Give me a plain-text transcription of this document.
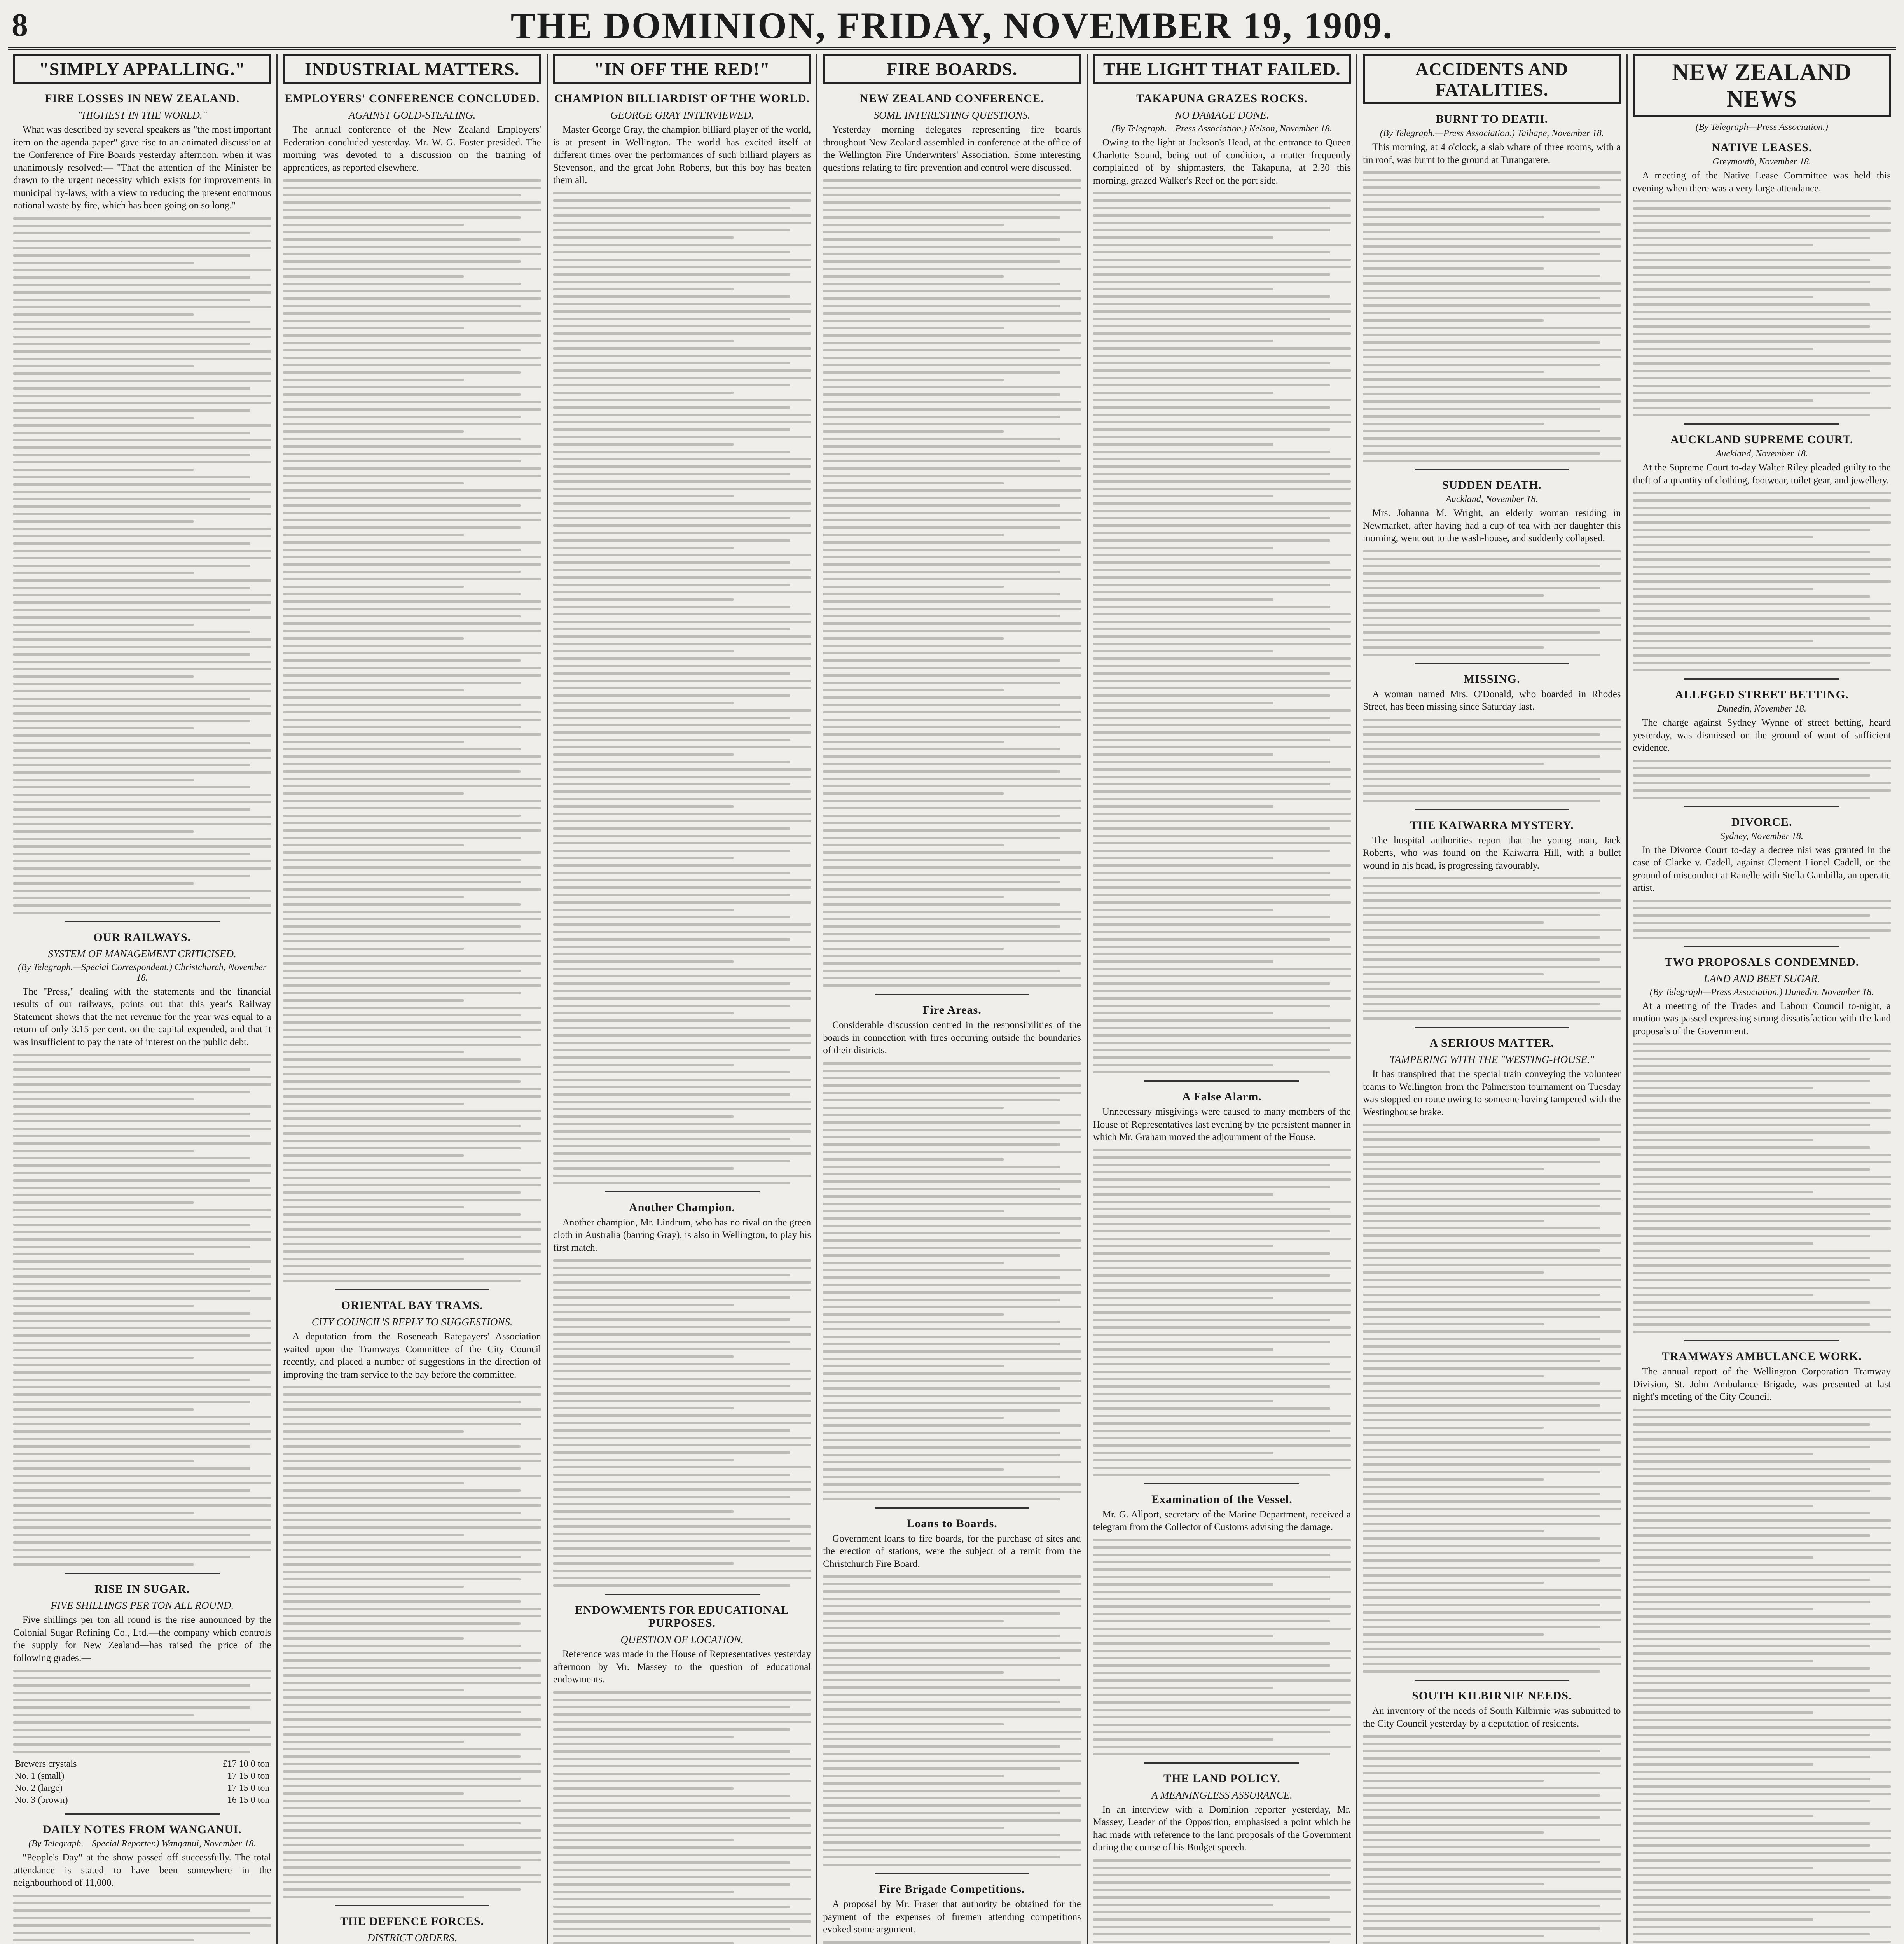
8	THE DOMINION, FRIDAY, NOVEMBER 19, 1909.
"SIMPLY APPALLING."
FIRE LOSSES IN NEW ZEALAND.
"HIGHEST IN THE WORLD."

What was described by several speakers as "the most important item on the agenda paper" gave rise to an animated discussion at the Conference of Fire Boards yesterday afternoon, when it was unanimously resolved:— "That the attention of the Minister be drawn to the urgent necessity which exists for improvements in municipal by-laws, with a view to reducing the present enormous national waste by fire, which has been going on so long."

OUR RAILWAYS.
SYSTEM OF MANAGEMENT CRITICISED.
(By Telegraph.—Special Correspondent.) Christchurch, November 18.

The "Press," dealing with the statements and the financial results of our railways, points out that this year's Railway Statement shows that the net revenue for the year was equal to a return of only 3.15 per cent. on the capital expended, and that it was insufficient to pay the rate of interest on the public debt.

RISE IN SUGAR.
FIVE SHILLINGS PER TON ALL ROUND.

Five shillings per ton all round is the rise announced by the Colonial Sugar Refining Co., Ltd.—the company which controls the supply for New Zealand—has raised the price of the following grades:—

Brewers crystals	£17 10 0 ton
No. 1 (small)	17 15 0 ton
No. 2 (large)	17 15 0 ton
No. 3 (brown)	16 15 0 ton
DAILY NOTES FROM WANGANUI.
(By Telegraph.—Special Reporter.) Wanganui, November 18.

"People's Day" at the show passed off successfully. The total attendance is stated to have been somewhere in the neighbourhood of 11,000.

INDUSTRIAL MATTERS.
EMPLOYERS' CONFERENCE CONCLUDED.
AGAINST GOLD-STEALING.

The annual conference of the New Zealand Employers' Federation concluded yesterday. Mr. W. G. Foster presided. The morning was devoted to a discussion on the training of apprentices, as reported elsewhere.

ORIENTAL BAY TRAMS.
CITY COUNCIL'S REPLY TO SUGGESTIONS.

A deputation from the Roseneath Ratepayers' Association waited upon the Tramways Committee of the City Council recently, and placed a number of suggestions in the direction of improving the tram service to the bay before the committee.

THE DEFENCE FORCES.
DISTRICT ORDERS.

"IN OFF THE RED!"
CHAMPION BILLIARDIST OF THE WORLD.
GEORGE GRAY INTERVIEWED.

Master George Gray, the champion billiard player of the world, is at present in Wellington. The world has excited itself at different times over the performances of such billiard players as Stevenson, and the great John Roberts, but this boy has beaten them all.

Another Champion.

Another champion, Mr. Lindrum, who has no rival on the green cloth in Australia (barring Gray), is also in Wellington, to play his first match.

ENDOWMENTS FOR EDUCATIONAL PURPOSES.
QUESTION OF LOCATION.

Reference was made in the House of Representatives yesterday afternoon by Mr. Massey to the question of educational endowments.

FIRE BOARDS.
NEW ZEALAND CONFERENCE.
SOME INTERESTING QUESTIONS.

Yesterday morning delegates representing fire boards throughout New Zealand assembled in conference at the office of the Wellington Fire Underwriters' Association. Some interesting questions relating to fire prevention and control were discussed.

Fire Areas.

Considerable discussion centred in the responsibilities of the boards in connection with fires occurring outside the boundaries of their districts.

Loans to Boards.

Government loans to fire boards, for the purchase of sites and the erection of stations, were the subject of a remit from the Christchurch Fire Board.

Fire Brigade Competitions.

A proposal by Mr. Fraser that authority be obtained for the payment of the expenses of firemen attending competitions evoked some argument.

THE LIGHT THAT FAILED.
TAKAPUNA GRAZES ROCKS.
NO DAMAGE DONE.
(By Telegraph.—Press Association.) Nelson, November 18.

Owing to the light at Jackson's Head, at the entrance to Queen Charlotte Sound, being out of condition, a matter frequently complained of by shipmasters, the Takapuna, at 2.30 this morning, grazed Walker's Reef on the port side.

A False Alarm.

Unnecessary misgivings were caused to many members of the House of Representatives last evening by the persistent manner in which Mr. Graham moved the adjournment of the House.

Examination of the Vessel.

Mr. G. Allport, secretary of the Marine Department, received a telegram from the Collector of Customs advising the damage.

THE LAND POLICY.
A MEANINGLESS ASSURANCE.

In an interview with a Dominion reporter yesterday, Mr. Massey, Leader of the Opposition, emphasised a point which he had made with reference to the land proposals of the Government during the course of his Budget speech.

ACCIDENTS AND FATALITIES.
BURNT TO DEATH.
(By Telegraph.—Press Association.) Taihape, November 18.

This morning, at 4 o'clock, a slab whare of three rooms, with a tin roof, was burnt to the ground at Turangarere.

SUDDEN DEATH.
Auckland, November 18.

Mrs. Johanna M. Wright, an elderly woman residing in Newmarket, after having had a cup of tea with her daughter this morning, went out to the wash-house, and suddenly collapsed.

MISSING.

A woman named Mrs. O'Donald, who boarded in Rhodes Street, has been missing since Saturday last.

THE KAIWARRA MYSTERY.

The hospital authorities report that the young man, Jack Roberts, who was found on the Kaiwarra Hill, with a bullet wound in his head, is progressing favourably.

A SERIOUS MATTER.
TAMPERING WITH THE "WESTING-HOUSE."

It has transpired that the special train conveying the volunteer teams to Wellington from the Palmerston tournament on Tuesday was stopped en route owing to someone having tampered with the Westinghouse brake.

SOUTH KILBIRNIE NEEDS.

An inventory of the needs of South Kilbirnie was submitted to the City Council yesterday by a deputation of residents.

NEW ZEALAND NEWS
(By Telegraph—Press Association.)
NATIVE LEASES.
Greymouth, November 18.

A meeting of the Native Lease Committee was held this evening when there was a very large attendance.

AUCKLAND SUPREME COURT.
Auckland, November 18.

At the Supreme Court to-day Walter Riley pleaded guilty to the theft of a quantity of clothing, footwear, toilet gear, and jewellery.

ALLEGED STREET BETTING.
Dunedin, November 18.

The charge against Sydney Wynne of street betting, heard yesterday, was dismissed on the ground of want of sufficient evidence.

DIVORCE.
Sydney, November 18.

In the Divorce Court to-day a decree nisi was granted in the case of Clarke v. Cadell, against Clement Lionel Cadell, on the ground of misconduct at Ranelle with Stella Gambilla, an operatic artist.

TWO PROPOSALS CONDEMNED.
LAND AND BEET SUGAR.
(By Telegraph—Press Association.) Dunedin, November 18.

At a meeting of the Trades and Labour Council to-night, a motion was passed expressing strong dissatisfaction with the land proposals of the Government.

TRAMWAYS AMBULANCE WORK.

The annual report of the Wellington Corporation Tramway Division, St. John Ambulance Brigade, was presented at last night's meeting of the City Council.
